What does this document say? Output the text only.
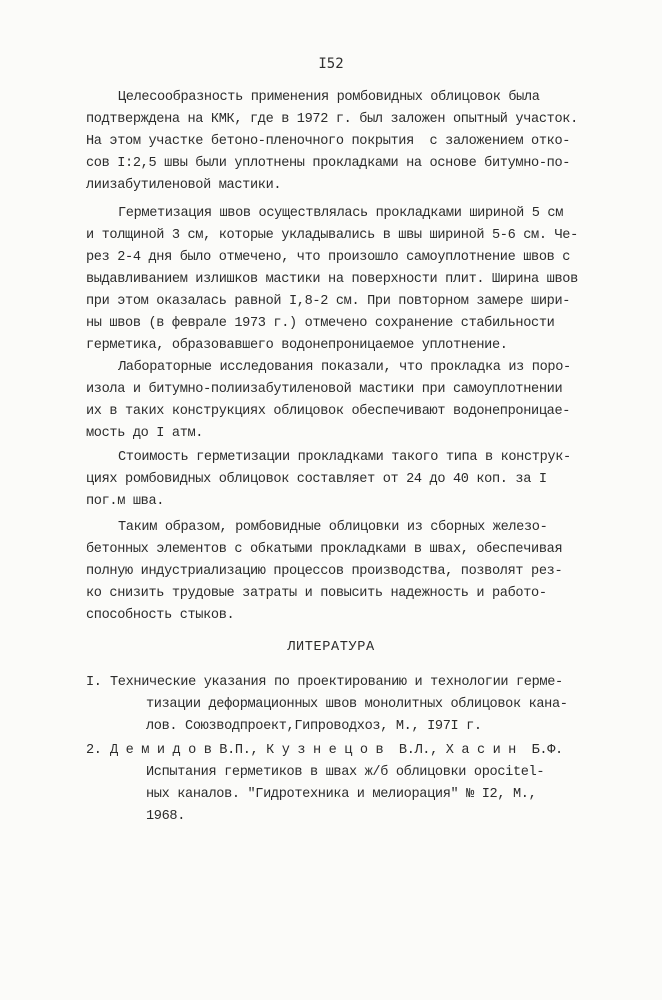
I52

Целесообразность применения ромбовидных облицовок была

подтверждена на КМК, где в 1972 г. был заложен опытный участок.

На этом участке бетоно-пленочного покрытия  с заложением отко-

сов I:2,5 швы были уплотнены прокладками на основе битумно-по-

лиизабутиленовой мастики.

Герметизация швов осуществлялась прокладками шириной 5 см

и толщиной 3 см, которые укладывались в швы шириной 5-6 см. Че-

рез 2-4 дня было отмечено, что произошло самоуплотнение швов с

выдавливанием излишков мастики на поверхности плит. Ширина швов

при этом оказалась равной I,8-2 см. При повторном замере шири-

ны швов (в феврале 1973 г.) отмечено сохранение стабильности

герметика, образовавшего водонепроницаемое уплотнение.

Лабораторные исследования показали, что прокладка из поро-

изола и битумно-полиизабутиленовой мастики при самоуплотнении

их в таких конструкциях облицовок обеспечивают водонепроницае-

мость до I атм.

Стоимость герметизации прокладками такого типа в конструк-

циях ромбовидных облицовок составляет от 24 до 40 коп. за I

пог.м шва.

Таким образом, ромбовидные облицовки из сборных железо-

бетонных элементов с обкатыми прокладками в швах, обеспечивая

полную индустриализацию процессов производства, позволят рез-

ко снизить трудовые затраты и повысить надежность и работо-

способность стыков.

ЛИТЕРАТУРА

I.

Технические указания по проектированию и технологии герме-

тизации деформационных швов монолитных облицовок кана-

лов. Союзводпроект,Гипроводхоз, М., I97I г.

2.

Д е м и д о в В.П., К у з н е ц о в  В.Л., Х а с и н  Б.Ф.

Испытания герметиков в швах ж/б облицовки оросitel-

ных каналов. "Гидротехника и мелиорация" № I2, М.,

1968.
